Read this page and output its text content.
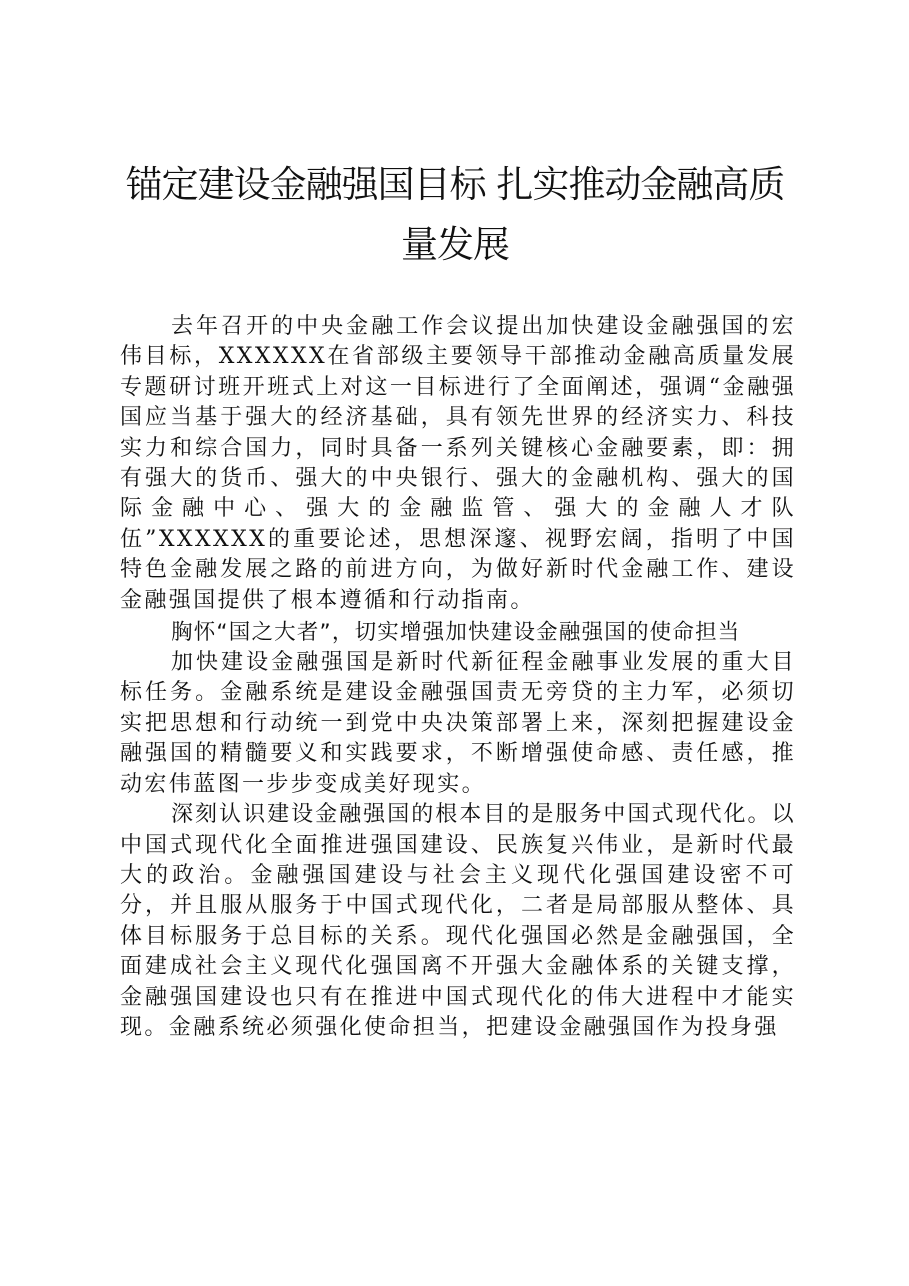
锚定建设金融强国目标 扎实推动金融高质量发展

去年召开的中央金融工作会议提出加快建设金融强国的宏伟目标，XXXXXX在省部级主要领导干部推动金融高质量发展专题研讨班开班式上对这一目标进行了全面阐述，强调“金融强国应当基于强大的经济基础，具有领先世界的经济实力、科技实力和综合国力，同时具备一系列关键核心金融要素，即：拥有强大的货币、强大的中央银行、强大的金融机构、强大的国际金融中心、强大的金融监管、强大的金融人才队伍”XXXXXX的重要论述，思想深邃、视野宏阔，指明了中国特色金融发展之路的前进方向，为做好新时代金融工作、建设金融强国提供了根本遵循和行动指南。

胸怀“国之大者”，切实增强加快建设金融强国的使命担当

加快建设金融强国是新时代新征程金融事业发展的重大目标任务。金融系统是建设金融强国责无旁贷的主力军，必须切实把思想和行动统一到党中央决策部署上来，深刻把握建设金融强国的精髓要义和实践要求，不断增强使命感、责任感，推动宏伟蓝图一步步变成美好现实。

深刻认识建设金融强国的根本目的是服务中国式现代化。以中国式现代化全面推进强国建设、民族复兴伟业，是新时代最大的政治。金融强国建设与社会主义现代化强国建设密不可分，并且服从服务于中国式现代化，二者是局部服从整体、具体目标服务于总目标的关系。现代化强国必然是金融强国，全面建成社会主义现代化强国离不开强大金融体系的关键支撑，金融强国建设也只有在推进中国式现代化的伟大进程中才能实现。金融系统必须强化使命担当，把建设金融强国作为投身强
